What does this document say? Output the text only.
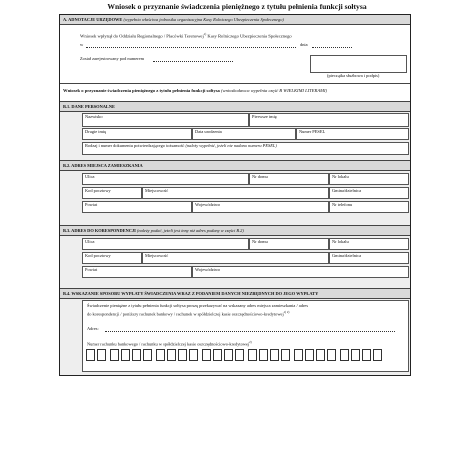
Wniosek o przyznanie świadczenia pieniężnego z tytułu pełnienia funkcji sołtysa
A. ADNOTACJE URZĘDOWE (wypełnia właściwa jednostka organizacyjna Kasy Rolniczego Ubezpieczenia Społecznego)
Wniosek wpłynął do Oddziału Regionalnego / Placówki Terenowej$^{1)}$ Kasy Rolniczego Ubezpieczenia Społecznego
w	dnia
Został zarejestrowany pod numerem
(pieczątka służbowa i podpis)
Wniosek o przyznanie świadczenia pieniężnego z tytułu pełnienia funkcji sołtysa (wnioskodawca wypełnia część B WIELKIMI LITERAMI)
B.1. DANE PERSONALNE
Nazwisko	Pierwsze imię
Drugie imię	Data urodzenia	Numer PESEL
Rodzaj i numer dokumentu potwierdzającego tożsamość (należy wypełnić, jeżeli nie nadano numeru PESEL)
B.2. ADRES MIEJSCA ZAMIESZKANIA
Ulica	Nr domu	Nr lokalu
Kod pocztowy	Miejscowość	Gmina/dzielnica
Powiat	Województwo	Nr telefonu
B.3. ADRES DO KORESPONDENCJI (należy podać, jeżeli jest inny niż adres podany w części B.2)
Ulica	Nr domu	Nr lokalu
Kod pocztowy	Miejscowość	Gmina/dzielnica
Powiat	Województwo
B.4. WSKAZANIE SPOSOBU WYPŁATY ŚWIADCZENIA WRAZ Z PODANIEM DANYCH NIEZBĘDNYCH DO JEGO WYPŁATY
Świadczenie pieniężne z tytułu pełnienia funkcji sołtysa proszę przekazywać na wskazany adres miejsca zamieszkania / adres
do korespondencji / poniższy rachunek bankowy / rachunek w spółdzielczej kasie oszczędnościowo-kredytowej$^{1) 2)}$
Adres:
Numer rachunku bankowego / rachunku w spółdzielczej kasie oszczędnościowo-kredytowej$^{2)}$
